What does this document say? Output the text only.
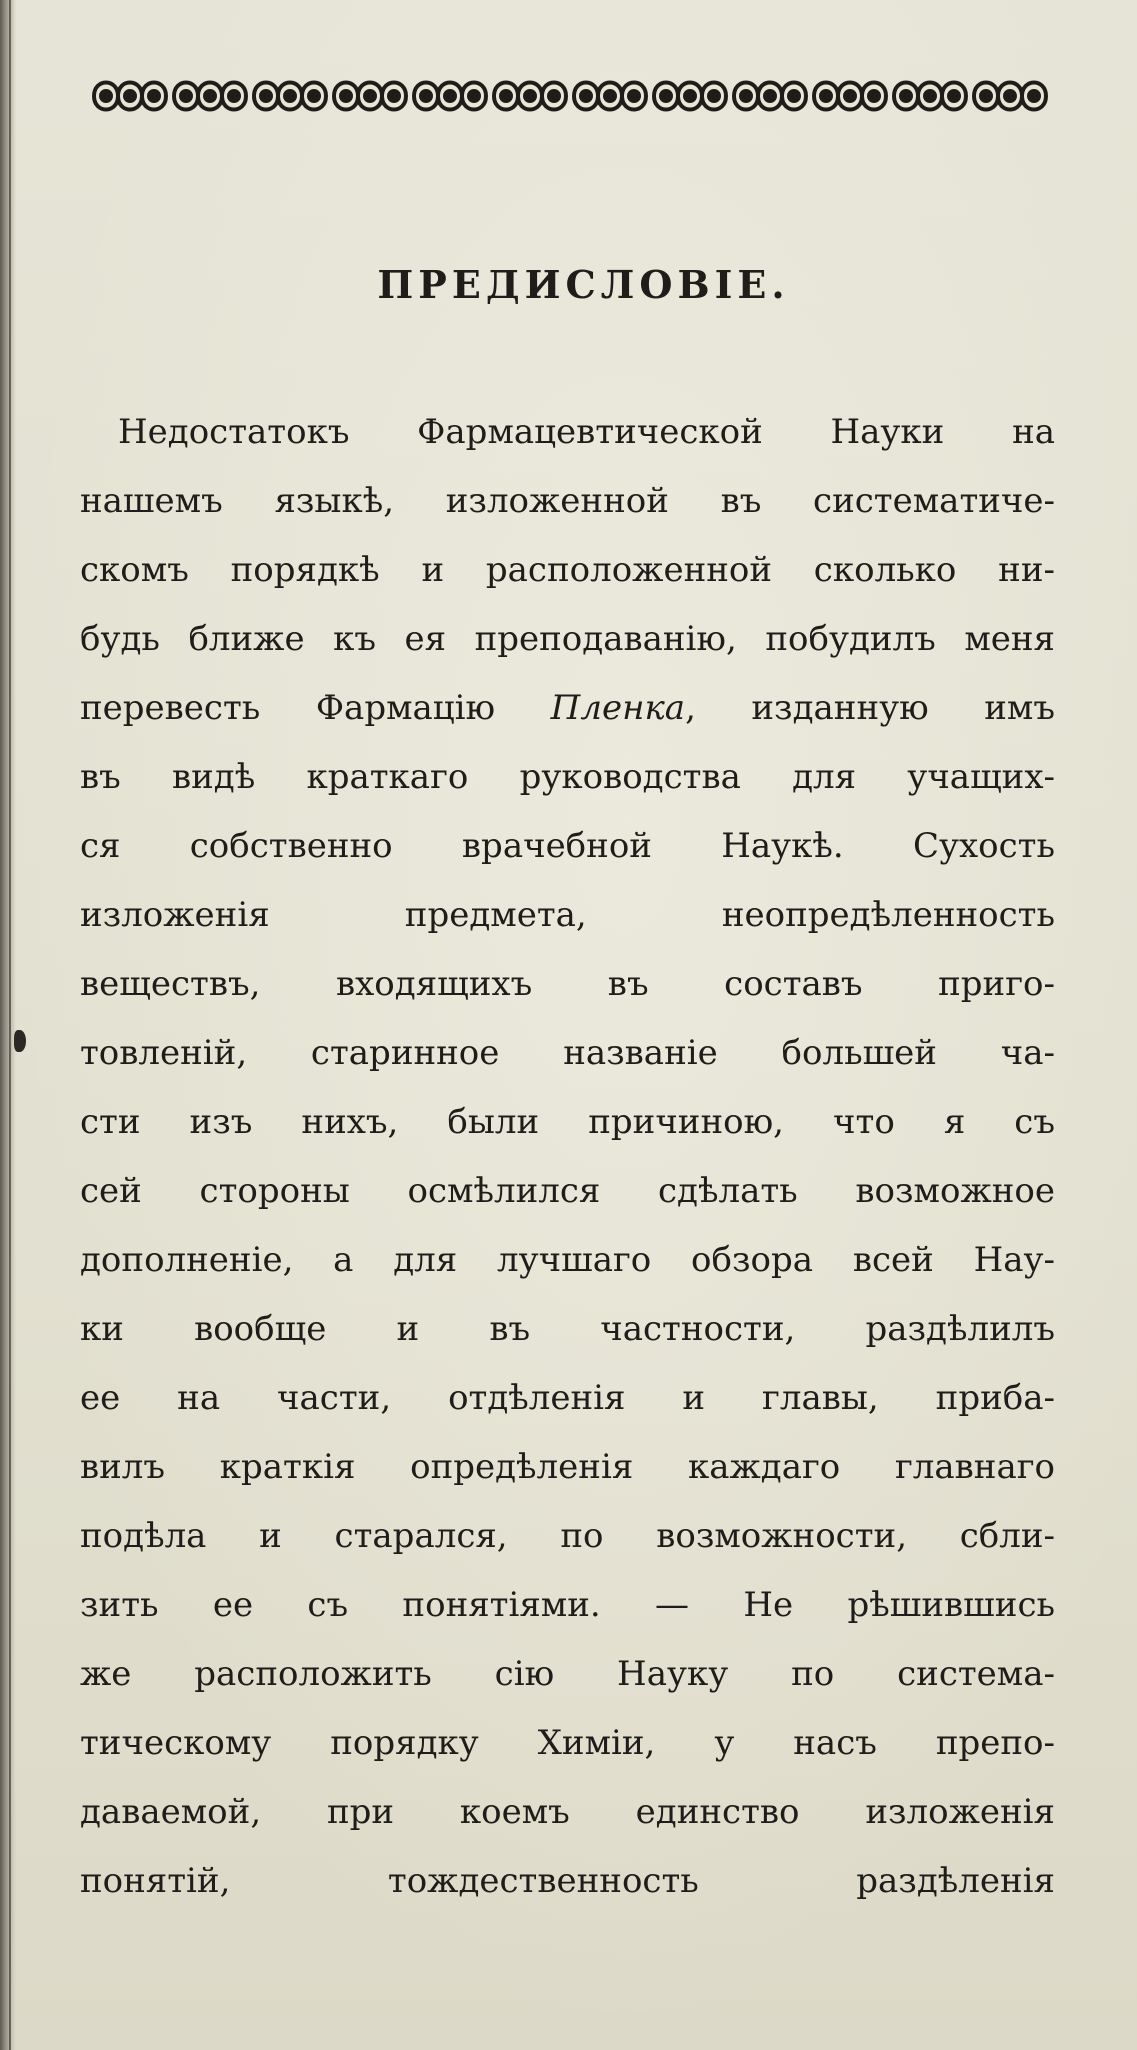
ПРЕДИСЛОВІЕ.
Недостатокъ Фармацевтической Науки на
нашемъ языкѣ, изложенной въ систематиче-
скомъ порядкѣ и расположенной сколько ни-
будь ближе къ ея преподаванію, побудилъ меня
перевесть Фармацію Пленка, изданную имъ
въ видѣ краткаго руководства для учащих-
ся собственно врачебной Наукѣ. Сухость
изложенія предмета, неопредѣленность
веществъ, входящихъ въ составъ приго-
товленій, старинное названіе большей ча-
сти изъ нихъ, были причиною, что я съ
сей стороны осмѣлился сдѣлать возможное
дополненіе, а для лучшаго обзора всей Нау-
ки вообще и въ частности, раздѣлилъ
ее на части, отдѣленія и главы, приба-
вилъ краткія опредѣленія каждаго главнаго
подѣла и старался, по возможности, сбли-
зить ее съ понятіями. — Не рѣшившись
же расположить сію Науку по система-
тическому порядку Химіи, у насъ препо-
даваемой, при коемъ единство изложенія
понятій, тождественность раздѣленія
